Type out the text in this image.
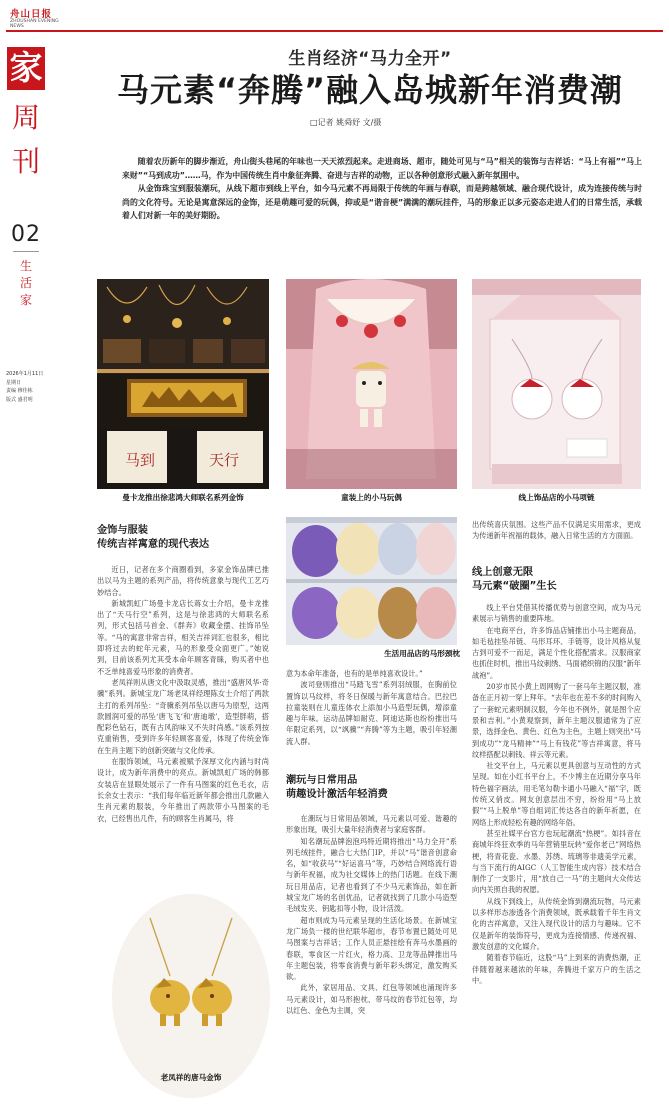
舟山日报
ZHOUSHAN EVENING NEWS
家
周
刊
02
生
活
家
2026年1月11日
星期日
责编 穆佳栋
版式 盛君明
生肖经济“马力全开”
马元素“奔腾”融入岛城新年消费潮
□记者 姚舜妤 文/摄

随着农历新年的脚步渐近，舟山街头巷尾的年味也一天天浓烈起来。走进商场、超市，随处可见与“马”相关的装饰与吉祥话：“马上有福”“马上来财”“马到成功”……马，作为中国传统生肖中象征奔腾、奋进与吉祥的动物，正以各种创意形式融入新年氛围中。

从金饰珠宝到服装潮玩，从线下超市到线上平台，如今马元素不再局限于传统的年画与春联，而是跨越领域、融合现代设计，成为连接传统与时尚的文化符号。无论是寓意深远的金饰，还是萌趣可爱的玩偶，抑或是“谐音梗”满满的潮玩挂件，马的形象正以多元姿态走进人们的日常生活，承载着人们对新一年的美好期盼。

马到	天行
曼卡龙推出徐悲鸿大师联名系列金饰	童装上的小马玩偶	线上饰品店的小马项链
金饰与服装
传统吉祥寓意的现代表达

近日，记者在多个商圈看到，多家金饰品牌已推出以马为主题的系列产品，将传统意象与现代工艺巧妙结合。

新城凯虹广场曼卡龙店长蒋女士介绍，曼卡龙推出了“天马行空”系列，这是与徐悲鸿的大师联名系列，形式包括马首金、《群奔》收藏金摆、挂饰吊坠等。“马的寓意非常吉祥，相关吉祥词汇也很多，相比即将过去的蛇年元素，马的形象受众面更广。”她说到，目前该系列尤其受本命年顾客青睐，购买者中也不乏单纯喜爱马形象的消费者。

老凤祥则从唐文化中汲取灵感，推出“盛唐风华·奇骥”系列。新城宝龙广场老凤祥经理陈女士介绍了两款主打的系列吊坠：“奇骥系列吊坠以唐马为原型，这两款圆润可爱的吊坠‘唐飞飞’和‘唐迪墩’，造型胖萌，搭配彩色钻石，既有古风韵味又不失时尚感。”该系列按克重销售，受到许多年轻顾客喜爱，体现了传统金饰在生肖主题下的创新突破与文化传承。

在服饰领域，马元素被赋予深厚文化内涵与时尚设计，成为新年消费中的亮点。新城凯虹广场的韩都女装店在显眼处展示了一件有马图案的红色毛衣，店长余女士表示：“我们每年临近新年都会推出几款融入生肖元素的服装，今年推出了两款带小马图案的毛衣，已经售出几件，有的顾客生肖属马，将

老凤祥的唐马金饰
生活用品店的马形颈枕

意为本命年准备，也有的是单纯喜欢设计。”

波司登则推出“马踏飞雪”系列羽绒服，在胸前位置饰以马纹样，将冬日保暖与新年寓意结合。巴拉巴拉童装则在儿童连体衣上添加小马造型玩偶，增添童趣与年味。运动品牌如耐克、阿迪达斯也纷纷推出马年限定系列，以“飒骥”“奔腾”等为主题，吸引年轻潮流人群。

潮玩与日常用品
萌趣设计激活年轻消费

在潮玩与日常用品领域，马元素以可爱、谐趣的形象出现，吸引大量年轻消费者与家庭客群。

知名潮玩品牌泡泡玛特近期将推出“马力全开”系列毛绒挂件，融合七大热门IP，并以“马”谐音创意命名，如“收获马”“好运喜马”等，巧妙结合网络流行语与新年祝福，成为社交媒体上的热门话题。在线下潮玩日用品店，记者也看到了不少马元素饰品，如在新城宝龙广场的名创优品，记者就找到了几款小马造型毛绒发夹、钥匙扣等小物，设计活泼。

超市则成为马元素呈现的生活化场景。在新城宝龙广场负一楼的世纪联华超市，春节布置已随处可见马图案与吉祥话；工作人员正悬挂绘有奔马水墨画的春联，零食区一片红火，格力高、卫龙等品牌推出马年主题包装，将零食消费与新年彩头绑定，激发购买欲。

此外，家居用品、文具、红包等领域也涌现许多马元素设计，如马形抱枕、带马纹的春节红包等，均以红色、金色为主调，突

出传统喜庆氛围。这些产品不仅满足实用需求，更成为传递新年祝福的载体，融入日常生活的方方面面。

线上创意无限
马元素“破圈”生长

线上平台凭借其传播优势与创意空间，成为马元素展示与销售的重要阵地。

在电商平台，许多饰品店铺推出小马主题商品，如毛毡挂坠吊链、马形耳环、手链等，设计风格从复古到可爱不一而足，满足个性化搭配需求。汉服商家也抓住时机，推出马纹刺绣、马面裙织锦的汉服“新年战袍”。

20岁市民小黄上周网购了一套马年主题汉服，准备在正月初一穿上拜年。“去年也在差不多的时间购入了一套蛇元素明制汉服，今年也不例外，就是图个应景和吉利。”小黄观察到，新年主题汉服通常为了应景，选择金色、黄色、红色为主色，主题上则突出“马到成功”“龙马精神”“马上有钱花”等吉祥寓意，将马纹样搭配以刺钱、祥云等元素。

社交平台上，马元素以更具创意与互动性的方式呈现。如在小红书平台上，不少博主在近期分享马年特色福字画法，用毛笔勾勒卡通小马融入“福”字，既传统又俏皮。网友创意层出不穷，纷纷用“马上放假”“马上脱单”等自组词汇传达各自的新年祈愿，在网络上形成轻松有趣的网络年俗。

甚至社媒平台官方也玩起潮流“热梗”。如抖音在商城年终狂欢季的马年营销里玩转“爱你老己”网络热梗，将青花瓷、水墨、苏绣、琉璃等非遗美学元素，与当下流行的AIGC（人工智能生成内容）技术结合制作了一支影片，用“放自己一马”的主题向大众传达向内关照自我的祝愿。

从线下到线上，从传统金饰到潮流玩物，马元素以多样形态渗透各个消费领域，既承载着千年生肖文化的吉祥寓意，又注入现代设计的活力与趣味。它不仅是新年的装饰符号，更成为连接情感、传递祝福、激发创意的文化媒介。

随着春节临近，这股“马”上到来的消费热潮，正伴随着越来越浓的年味，奔腾进千家万户的生活之中。
